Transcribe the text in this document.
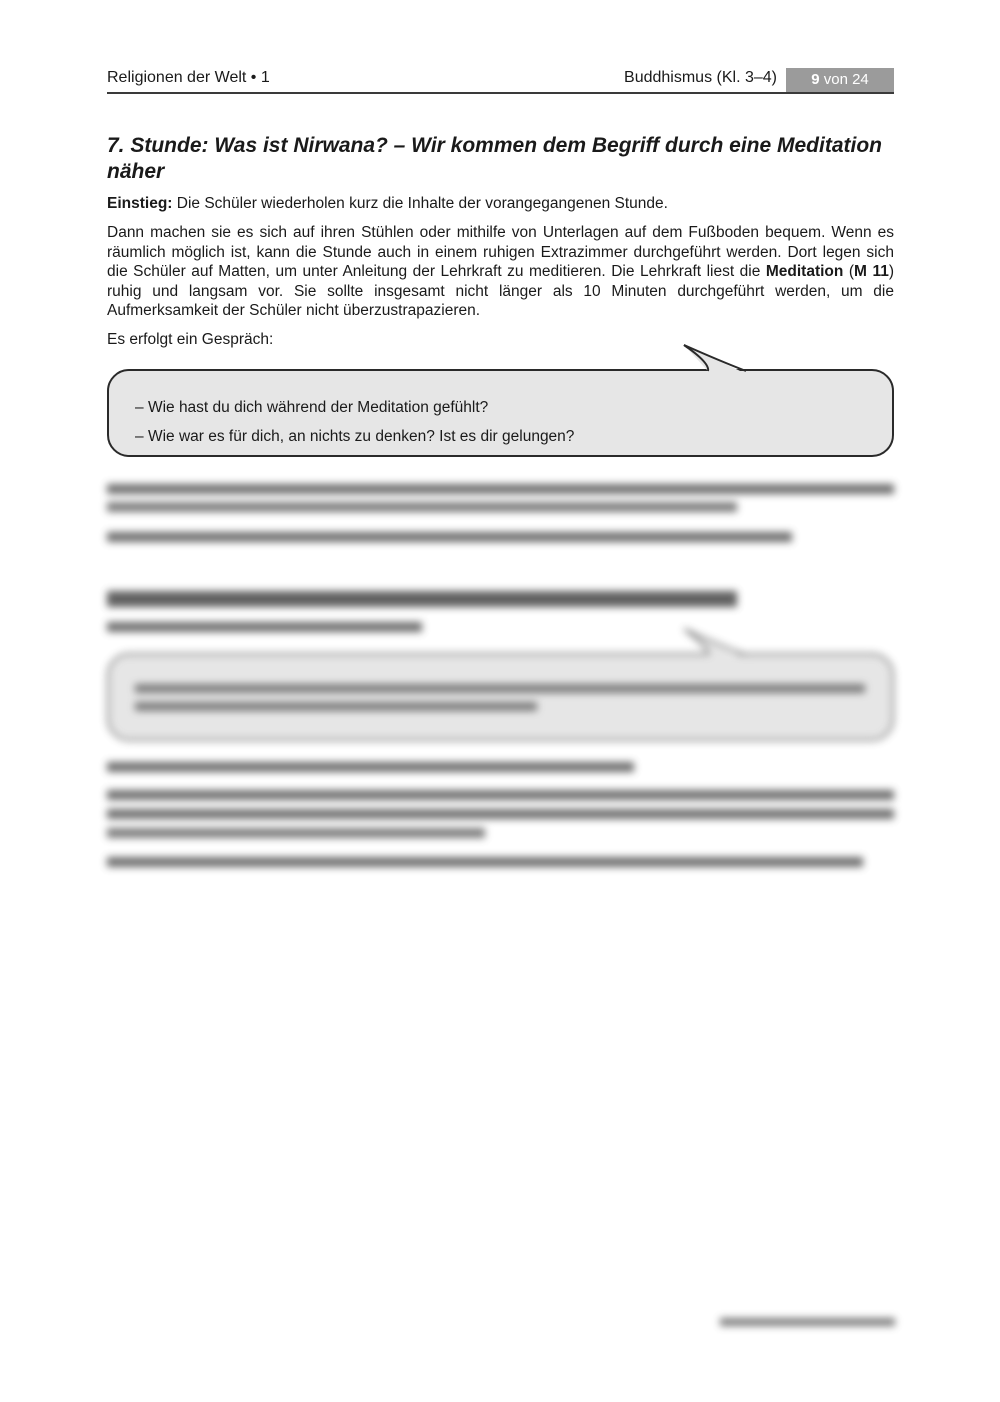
Religionen der Welt • 1	Buddhismus (Kl. 3–4)	9 von 24
7. Stunde: Was ist Nirwana? – Wir kommen dem Begriff durch eine Meditation näher

Einstieg: Die Schüler wiederholen kurz die Inhalte der vorangegangenen Stunde.

Dann machen sie es sich auf ihren Stühlen oder mithilfe von Unterlagen auf dem Fußboden bequem. Wenn es räumlich möglich ist, kann die Stunde auch in einem ruhigen Extrazimmer durchgeführt werden. Dort legen sich die Schüler auf Matten, um unter Anleitung der Lehrkraft zu meditieren. Die Lehrkraft liest die Meditation (M 11) ruhig und langsam vor. Sie sollte insgesamt nicht länger als 10 Minuten durchgeführt werden, um die Aufmerksamkeit der Schüler nicht überzustrapazieren.

Es erfolgt ein Gespräch:

– Wie hast du dich während der Meditation gefühlt?
– Wie war es für dich, an nichts zu denken? Ist es dir gelungen?
